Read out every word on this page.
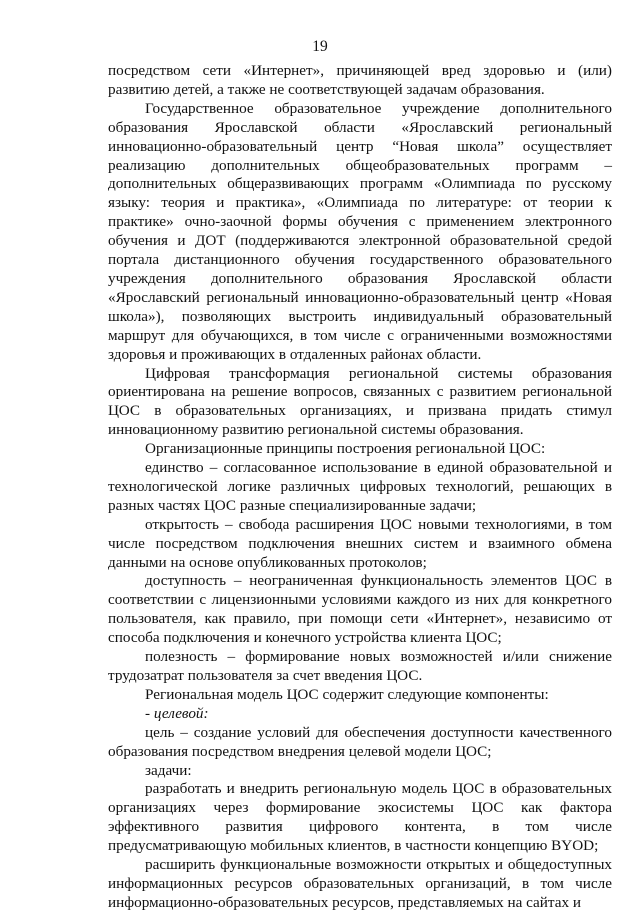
19

посредством сети «Интернет», причиняющей вред здоровью и (или) развитию детей, а также не соответствующей задачам образования.

Государственное образовательное учреждение дополнительного образования Ярославской области «Ярославский региональный инновационно-образовательный центр “Новая школа” осуществляет реализацию дополнительных общеобразовательных программ – дополнительных общеразвивающих программ «Олимпиада по русскому языку: теория и практика», «Олимпиада по литературе: от теории к практике» очно-заочной формы обучения с применением электронного обучения и ДОТ (поддерживаются электронной образовательной средой портала дистанционного обучения государственного образовательного учреждения дополнительного образования Ярославской области «Ярославский региональный инновационно-образовательный центр «Новая школа»), позволяющих выстроить индивидуальный образовательный маршрут для обучающихся, в том числе с ограниченными возможностями здоровья и проживающих в отдаленных районах области.

Цифровая трансформация региональной системы образования ориентирована на решение вопросов, связанных с развитием региональной ЦОС в образовательных организациях, и призвана придать стимул инновационному развитию региональной системы образования.

Организационные принципы построения региональной ЦОС:

единство – согласованное использование в единой образовательной и технологической логике различных цифровых технологий, решающих в разных частях ЦОС разные специализированные задачи;

открытость – свобода расширения ЦОС новыми технологиями, в том числе посредством подключения внешних систем и взаимного обмена данными на основе опубликованных протоколов;

доступность – неограниченная функциональность элементов ЦОС в соответствии с лицензионными условиями каждого из них для конкретного пользователя, как правило, при помощи сети «Интернет», независимо от способа подключения и конечного устройства клиента ЦОС;

полезность – формирование новых возможностей и/или снижение трудозатрат пользователя за счет введения ЦОС.

Региональная модель ЦОС содержит следующие компоненты:

- целевой:

цель – создание условий для обеспечения доступности качественного образования посредством внедрения целевой модели ЦОС;

задачи:

разработать и внедрить региональную модель ЦОС в образовательных организациях через формирование экосистемы ЦОС как фактора эффективного развития цифрового контента, в том числе предусматривающую мобильных клиентов, в частности концепцию BYOD;

расширить функциональные возможности открытых и общедоступных информационных ресурсов образовательных организаций, в том числе информационно-образовательных ресурсов, представляемых на сайтах и
